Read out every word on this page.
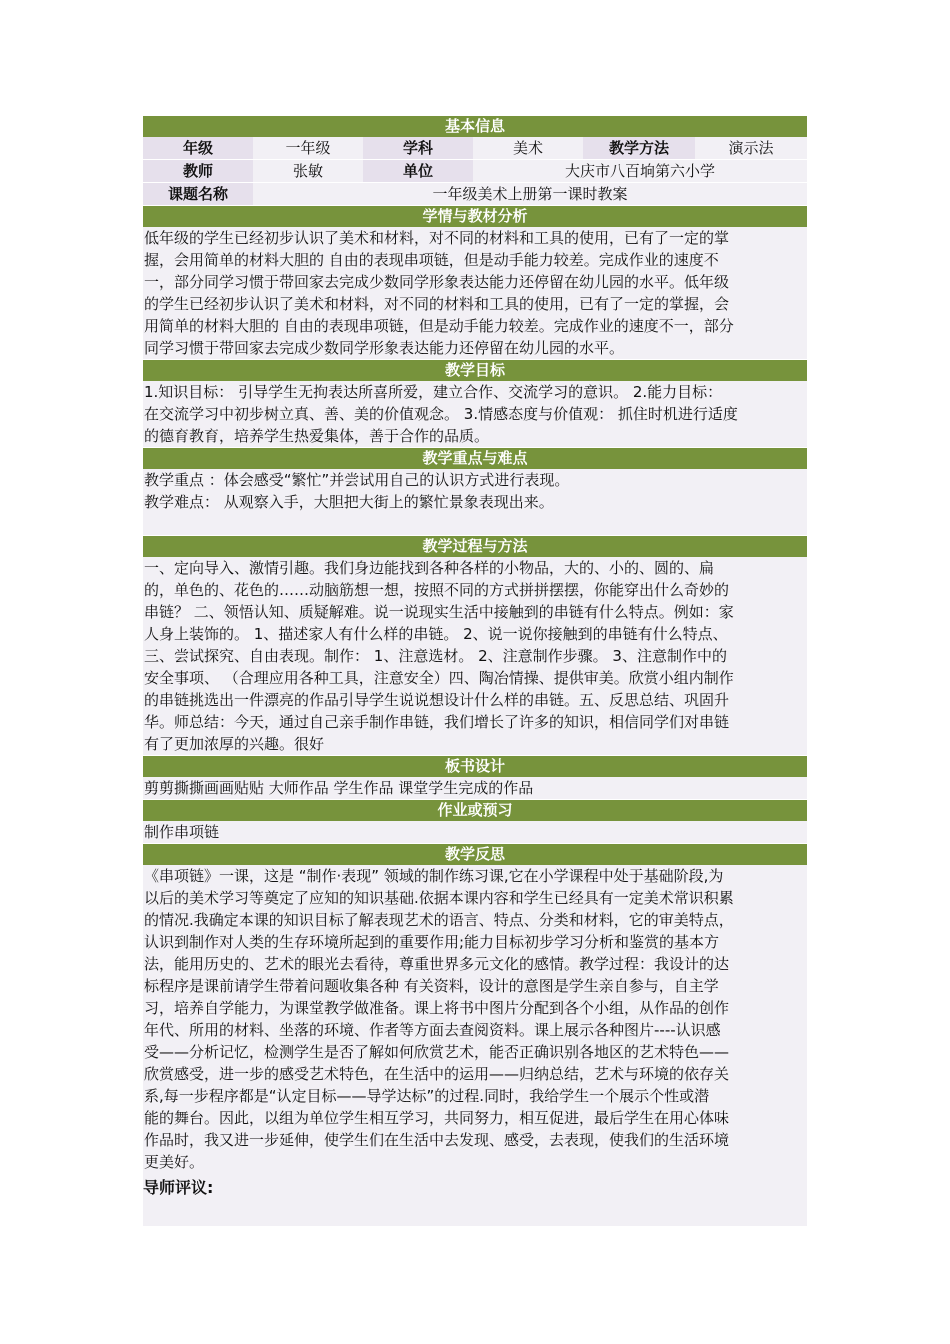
基本信息
年级	一年级	学科	美术	教学方法	演示法
教师	张敏	单位	大庆市八百垧第六小学
课题名称	一年级美术上册第一课时教案
学情与教材分析
低年级的学生已经初步认识了美术和材料，对不同的材料和工具的使用，已有了一定的掌
握，会用简单的材料大胆的 自由的表现串项链，但是动手能力较差。完成作业的速度不
一，部分同学习惯于带回家去完成少数同学形象表达能力还停留在幼儿园的水平。低年级
的学生已经初步认识了美术和材料，对不同的材料和工具的使用，已有了一定的掌握，会
用简单的材料大胆的 自由的表现串项链，但是动手能力较差。完成作业的速度不一，部分
同学习惯于带回家去完成少数同学形象表达能力还停留在幼儿园的水平。
教学目标
1.知识目标： 引导学生无拘表达所喜所爱，建立合作、交流学习的意识。 2.能力目标：
在交流学习中初步树立真、善、美的价值观念。 3.情感态度与价值观： 抓住时机进行适度
的德育教育，培养学生热爱集体，善于合作的品质。
教学重点与难点
教学重点 ：体会感受“繁忙”并尝试用自己的认识方式进行表现。
教学难点： 从观察入手，大胆把大街上的繁忙景象表现出来。
教学过程与方法
一、定向导入、激情引趣。我们身边能找到各种各样的小物品，大的、小的、圆的、扁
的，单色的、花色的……动脑筋想一想，按照不同的方式拼拼摆摆，你能穿出什么奇妙的
串链？ 二、领悟认知、质疑解难。说一说现实生活中接触到的串链有什么特点。例如：家
人身上装饰的。 1、描述家人有什么样的串链。 2、说一说你接触到的串链有什么特点、
三、尝试探究、自由表现。制作： 1、注意选材。 2、注意制作步骤。 3、注意制作中的
安全事项、 （合理应用各种工具，注意安全）四、陶冶情操、提供审美。欣赏小组内制作
的串链挑选出一件漂亮的作品引导学生说说想设计什么样的串链。五、反思总结、巩固升
华。师总结：今天，通过自己亲手制作串链，我们增长了许多的知识，相信同学们对串链
有了更加浓厚的兴趣。很好
板书设计
剪剪撕撕画画贴贴 大师作品 学生作品 课堂学生完成的作品
作业或预习
制作串项链
教学反思
《串项链》一课，这是 “制作·表现” 领域的制作练习课,它在小学课程中处于基础阶段,为
以后的美术学习等奠定了应知的知识基础.依据本课内容和学生已经具有一定美术常识积累
的情况.我确定本课的知识目标了解表现艺术的语言、特点、分类和材料，它的审美特点，
认识到制作对人类的生存环境所起到的重要作用;能力目标初步学习分析和鉴赏的基本方
法，能用历史的、艺术的眼光去看待，尊重世界多元文化的感情。教学过程：我设计的达
标程序是课前请学生带着问题收集各种 有关资料，设计的意图是学生亲自参与，自主学
习，培养自学能力，为课堂教学做准备。课上将书中图片分配到各个小组，从作品的创作
年代、所用的材料、坐落的环境、作者等方面去查阅资料。课上展示各种图片----认识感
受——分析记忆，检测学生是否了解如何欣赏艺术，能否正确识别各地区的艺术特色——
欣赏感受，进一步的感受艺术特色，在生活中的运用——归纳总结，艺术与环境的依存关
系,每一步程序都是“认定目标——导学达标”的过程.同时，我给学生一个展示个性或潜
能的舞台。因此，以组为单位学生相互学习，共同努力，相互促进，最后学生在用心体味
作品时，我又进一步延伸，使学生们在生活中去发现、感受，去表现，使我们的生活环境
更美好。
导师评议:
